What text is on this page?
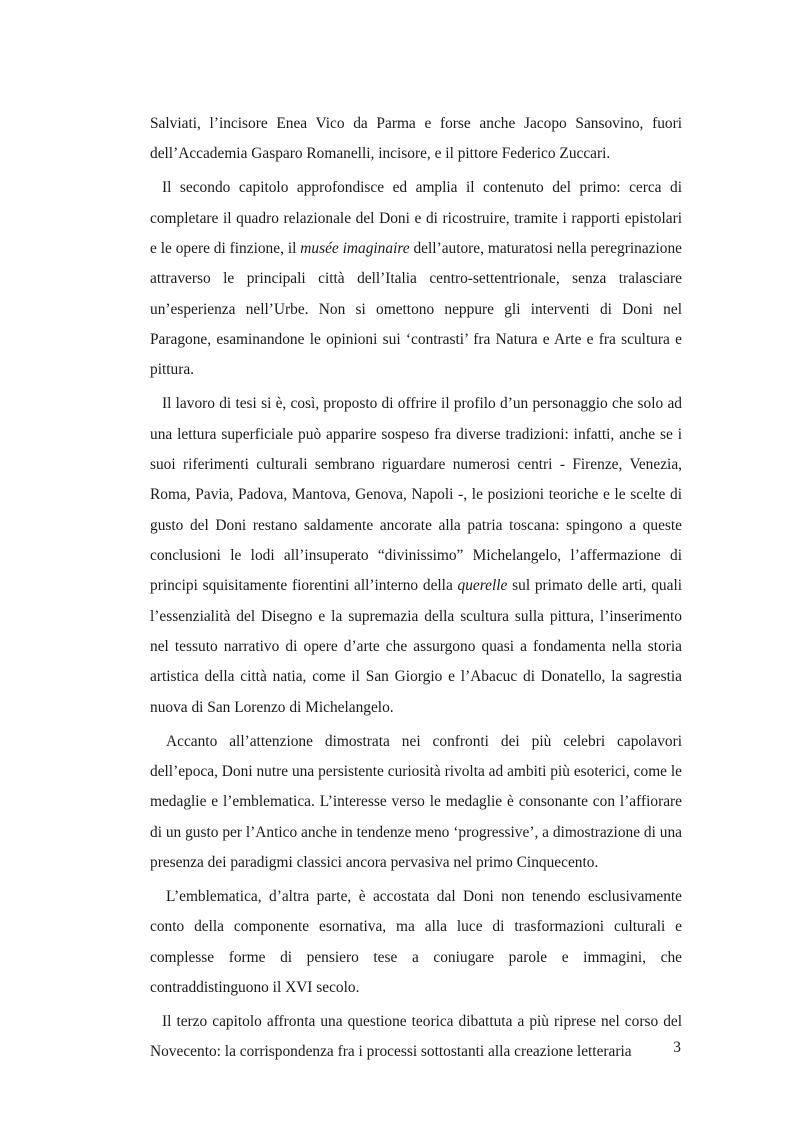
Salviati, l’incisore Enea Vico da Parma e forse anche Jacopo Sansovino, fuori dell’Accademia Gasparo Romanelli, incisore, e il pittore Federico Zuccari.

Il secondo capitolo approfondisce ed amplia il contenuto del primo: cerca di completare il quadro relazionale del Doni e di ricostruire, tramite i rapporti epistolari e le opere di finzione, il musée imaginaire dell’autore, maturatosi nella peregrinazione attraverso le principali città dell’Italia centro-settentrionale, senza tralasciare un’esperienza nell’Urbe. Non si omettono neppure gli interventi di Doni nel Paragone, esaminandone le opinioni sui ‘contrasti’ fra Natura e Arte e fra scultura e pittura.

Il lavoro di tesi si è, così, proposto di offrire il profilo d’un personaggio che solo ad una lettura superficiale può apparire sospeso fra diverse tradizioni: infatti, anche se i suoi riferimenti culturali sembrano riguardare numerosi centri - Firenze, Venezia, Roma, Pavia, Padova, Mantova, Genova, Napoli -, le posizioni teoriche e le scelte di gusto del Doni restano saldamente ancorate alla patria toscana: spingono a queste conclusioni le lodi all’insuperato “divinissimo” Michelangelo, l’affermazione di principi squisitamente fiorentini all’interno della querelle sul primato delle arti, quali l’essenzialità del Disegno e la supremazia della scultura sulla pittura, l’inserimento nel tessuto narrativo di opere d’arte che assurgono quasi a fondamenta nella storia artistica della città natia, come il San Giorgio e l’Abacuc di Donatello, la sagrestia nuova di San Lorenzo di Michelangelo.

Accanto all’attenzione dimostrata nei confronti dei più celebri capolavori dell’epoca, Doni nutre una persistente curiosità rivolta ad ambiti più esoterici, come le medaglie e l’emblematica. L’interesse verso le medaglie è consonante con l’affiorare di un gusto per l’Antico anche in tendenze meno ‘progressive’, a dimostrazione di una presenza dei paradigmi classici ancora pervasiva nel primo Cinquecento.

L’emblematica, d’altra parte, è accostata dal Doni non tenendo esclusivamente conto della componente esornativa, ma alla luce di trasformazioni culturali e complesse forme di pensiero tese a coniugare parole e immagini, che contraddistinguono il XVI secolo.

Il terzo capitolo affronta una questione teorica dibattuta a più riprese nel corso del Novecento: la corrispondenza fra i processi sottostanti alla creazione letteraria	3
